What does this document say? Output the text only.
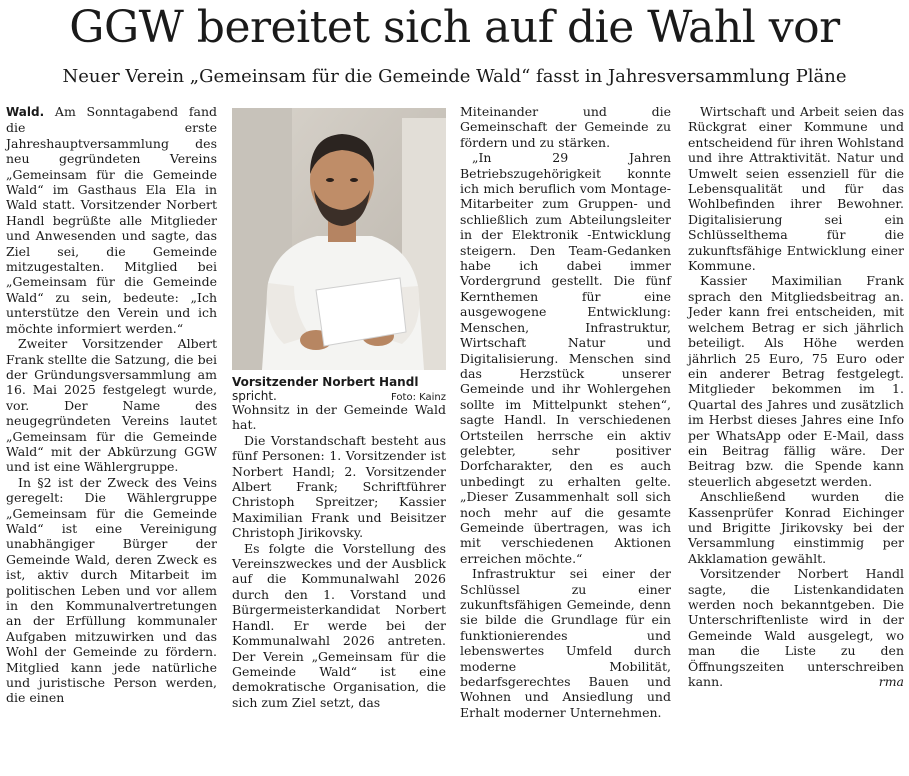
GGW bereitet sich auf die Wahl vor
Neuer Verein „Gemeinsam für die Gemeinde Wald“ fasst in Jahresversammlung Pläne

Wald. Am Sonntagabend fand die erste Jahreshauptversammlung des neu gegründeten Vereins „Gemeinsam für die Gemeinde Wald“ im Gasthaus Ela Ela in Wald statt. Vorsitzender Norbert Handl begrüßte alle Mitglieder und Anwesenden und sagte, das Ziel sei, die Gemeinde mitzugestalten. Mitglied bei „Gemeinsam für die Gemeinde Wald“ zu sein, bedeute: „Ich unterstütze den Verein und ich möchte informiert werden.“

Zweiter Vorsitzender Albert Frank stellte die Satzung, die bei der Gründungsversammlung am 16. Mai 2025 festgelegt wurde, vor. Der Name des neugegründeten Vereins lautet „Gemeinsam für die Gemeinde Wald“ mit der Abkürzung GGW und ist eine Wählergruppe.

In §2 ist der Zweck des Veins geregelt: Die Wählergruppe „Gemeinsam für die Gemeinde Wald“ ist eine Vereinigung unabhängiger Bürger der Gemeinde Wald, deren Zweck es ist, aktiv durch Mitarbeit im politischen Leben und vor allem in den Kommunalvertretungen an der Erfüllung kommunaler Aufgaben mitzuwirken und das Wohl der Gemeinde zu fördern. Mitglied kann jede natürliche und juristische Person werden, die einen

Vorsitzender Norbert Handl
spricht.	Foto: Kainz

Wohnsitz in der Gemeinde Wald hat.

Die Vorstandschaft besteht aus fünf Personen: 1. Vorsitzender ist Norbert Handl; 2. Vorsitzender Albert Frank; Schriftführer Christoph Spreitzer; Kassier Maximilian Frank und Beisitzer Christoph Jirikovsky.

Es folgte die Vorstellung des Vereinszweckes und der Ausblick auf die Kommunalwahl 2026 durch den 1. Vorstand und Bürgermeisterkandidat Norbert Handl. Er werde bei der Kommunalwahl 2026 antreten. Der Verein „Gemeinsam für die Gemeinde Wald“ ist eine demokratische Organisation, die sich zum Ziel setzt, das

Miteinander und die Gemeinschaft der Gemeinde zu fördern und zu stärken.

„In 29 Jahren Betriebszugehörigkeit konnte ich mich beruflich vom Montage-Mitarbeiter zum Gruppen- und schließlich zum Abteilungsleiter in der Elektronik -Entwicklung steigern. Den Team-Gedanken habe ich dabei immer Vordergrund gestellt. Die fünf Kernthemen für eine ausgewogene Entwicklung: Menschen, Infrastruktur, Wirtschaft Natur und Digitalisierung. Menschen sind das Herzstück unserer Gemeinde und ihr Wohlergehen sollte im Mittelpunkt stehen“, sagte Handl. In verschiedenen Ortsteilen herrsche ein aktiv gelebter, sehr positiver Dorfcharakter, den es auch unbedingt zu erhalten gelte. „Dieser Zusammenhalt soll sich noch mehr auf die gesamte Gemeinde übertragen, was ich mit verschiedenen Aktionen erreichen möchte.“

Infrastruktur sei einer der Schlüssel zu einer zukunftsfähigen Gemeinde, denn sie bilde die Grundlage für ein funktionierendes und lebenswertes Umfeld durch moderne Mobilität, bedarfsgerechtes Bauen und Wohnen und Ansiedlung und Erhalt moderner Unternehmen.

Wirtschaft und Arbeit seien das Rückgrat einer Kommune und entscheidend für ihren Wohlstand und ihre Attraktivität. Natur und Umwelt seien essenziell für die Lebensqualität und für das Wohlbefinden ihrer Bewohner. Digitalisierung sei ein Schlüsselthema für die zukunftsfähige Entwicklung einer Kommune.

Kassier Maximilian Frank sprach den Mitgliedsbeitrag an. Jeder kann frei entscheiden, mit welchem Betrag er sich jährlich beteiligt. Als Höhe werden jährlich 25 Euro, 75 Euro oder ein anderer Betrag festgelegt. Mitglieder bekommen im 1. Quartal des Jahres und zusätzlich im Herbst dieses Jahres eine Info per WhatsApp oder E-Mail, dass ein Beitrag fällig wäre. Der Beitrag bzw. die Spende kann steuerlich abgesetzt werden.

Anschließend wurden die Kassenprüfer Konrad Eichinger und Brigitte Jirikovsky bei der Versammlung einstimmig per Akklamation gewählt.

Vorsitzender Norbert Handl sagte, die Listenkandidaten werden noch bekanntgeben. Die Unterschriftenliste wird in der Gemeinde Wald ausgelegt, wo man die Liste zu den Öffnungszeiten unterschreiben kann.	rma
